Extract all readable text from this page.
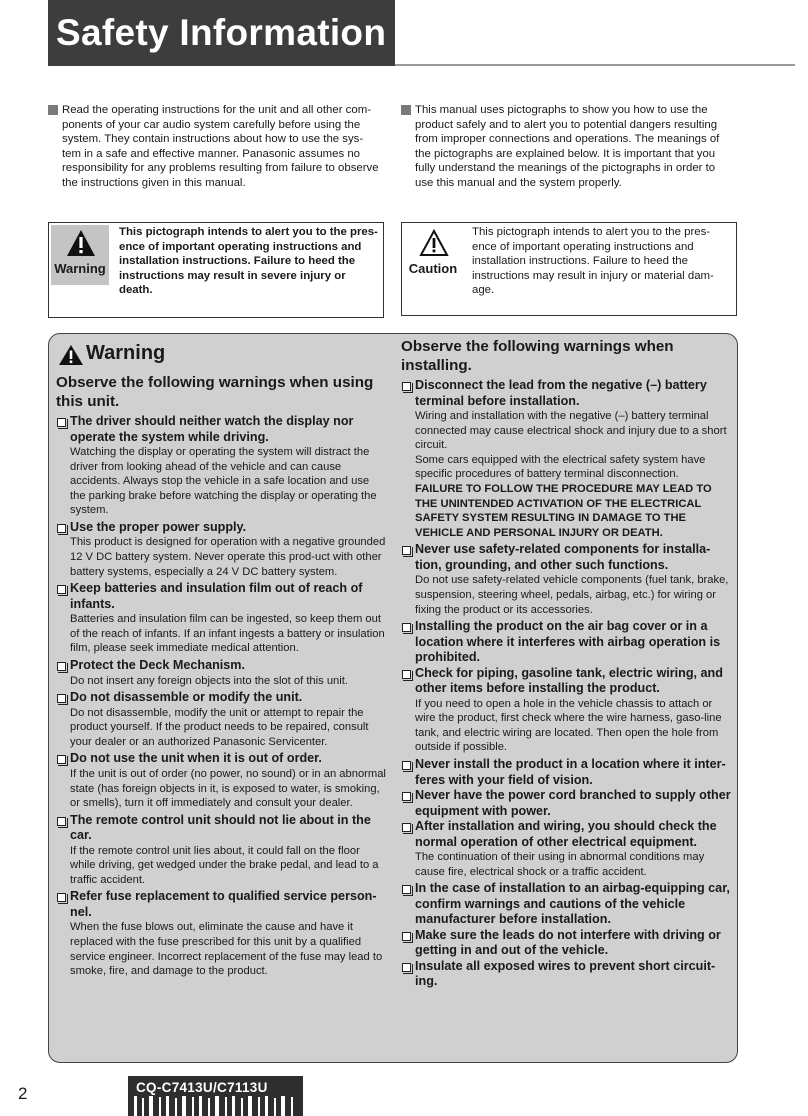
Safety Information
Read the operating instructions for the unit and all other com-ponents of your car audio system carefully before using the system. They contain instructions about how to use the sys-tem in a safe and effective manner. Panasonic assumes no responsibility for any problems resulting from failure to observe the instructions given in this manual.
This manual uses pictographs to show you how to use the product safely and to alert you to potential dangers resulting from improper connections and operations. The meanings of the pictographs are explained below. It is important that you fully understand the meanings of the pictographs in order to use this manual and the system properly.
Warning
This pictograph intends to alert you to the pres-ence of important operating instructions and installation instructions. Failure to heed the instructions may result in severe injury or death.
Caution
This pictograph intends to alert you to the pres-ence of important operating instructions and installation instructions. Failure to heed the instructions may result in injury or material dam-age.
Warning
Observe the following warnings when using this unit.
The driver should neither watch the display nor operate the system while driving.
Watching the display or operating the system will distract the driver from looking ahead of the vehicle and can cause accidents. Always stop the vehicle in a safe location and use the parking brake before watching the display or operating the system.
Use the proper power supply.
This product is designed for operation with a negative grounded 12 V DC battery system. Never operate this prod-uct with other battery systems, especially a 24 V DC battery system.
Keep batteries and insulation film out of reach of infants.
Batteries and insulation film can be ingested, so keep them out of the reach of infants. If an infant ingests a battery or insulation film, please seek immediate medical attention.
Protect the Deck Mechanism.
Do not insert any foreign objects into the slot of this unit.
Do not disassemble or modify the unit.
Do not disassemble, modify the unit or attempt to repair the product yourself. If the product needs to be repaired, consult your dealer or an authorized Panasonic Servicenter.
Do not use the unit when it is out of order.
If the unit is out of order (no power, no sound) or in an abnormal state (has foreign objects in it, is exposed to water, is smoking, or smells), turn it off immediately and consult your dealer.
The remote control unit should not lie about in the car.
If the remote control unit lies about, it could fall on the floor while driving, get wedged under the brake pedal, and lead to a traffic accident.
Refer fuse replacement to qualified service person-nel.
When the fuse blows out, eliminate the cause and have it replaced with the fuse prescribed for this unit by a qualified service engineer. Incorrect replacement of the fuse may lead to smoke, fire, and damage to the product.
Observe the following warnings when installing.
Disconnect the lead from the negative (–) battery terminal before installation.
Wiring and installation with the negative (–) battery terminal connected may cause electrical shock and injury due to a short circuit.
Some cars equipped with the electrical safety system have specific procedures of battery terminal disconnection.
FAILURE TO FOLLOW THE PROCEDURE MAY LEAD TO THE UNINTENDED ACTIVATION OF THE ELECTRICAL SAFETY SYSTEM RESULTING IN DAMAGE TO THE VEHICLE AND PERSONAL INJURY OR DEATH.
Never use safety-related components for installa-tion, grounding, and other such functions.
Do not use safety-related vehicle components (fuel tank, brake, suspension, steering wheel, pedals, airbag, etc.) for wiring or fixing the product or its accessories.
Installing the product on the air bag cover or in a location where it interferes with airbag operation is prohibited.
Check for piping, gasoline tank, electric wiring, and other items before installing the product.
If you need to open a hole in the vehicle chassis to attach or wire the product, first check where the wire harness, gaso-line tank, and electric wiring are located. Then open the hole from outside if possible.
Never install the product in a location where it inter-feres with your field of vision.
Never have the power cord branched to supply other equipment with power.
After installation and wiring, you should check the normal operation of other electrical equipment.
The continuation of their using in abnormal conditions may cause fire, electrical shock or a traffic accident.
In the case of installation to an airbag-equipping car, confirm warnings and cautions of the vehicle manufacturer before installation.
Make sure the leads do not interfere with driving or getting in and out of the vehicle.
Insulate all exposed wires to prevent short circuit-ing.
2	CQ-C7413U/C7113U
